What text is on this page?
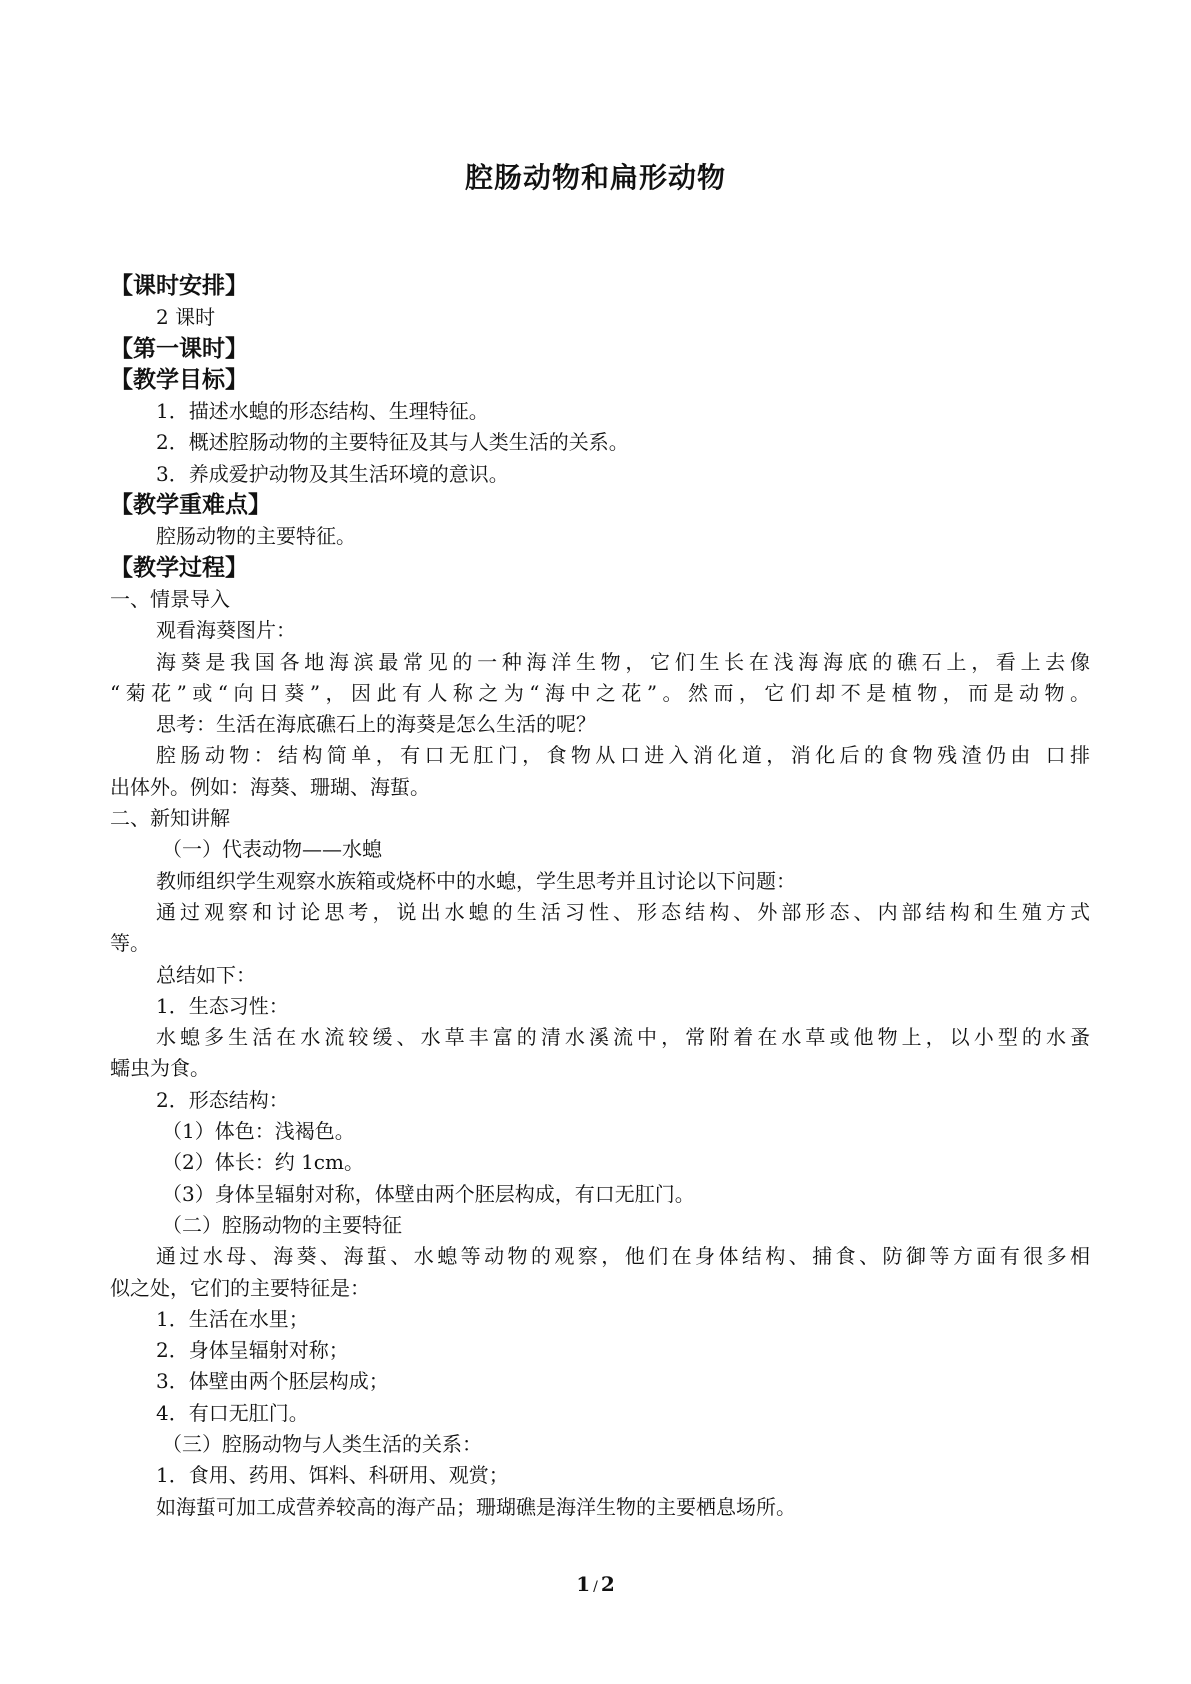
腔肠动物和扁形动物
【课时安排】
2 课时
【第一课时】
【教学目标】
1．描述水螅的形态结构、生理特征。
2．概述腔肠动物的主要特征及其与人类生活的关系。
3．养成爱护动物及其生活环境的意识。
【教学重难点】
腔肠动物的主要特征。
【教学过程】
一、情景导入
观看海葵图片：
海葵是我国各地海滨最常见的一种海洋生物，它们生长在浅海海底的礁石上，看上去像
“菊花”或“向日葵”，因此有人称之为“海中之花”。然而，它们却不是植物，而是动物。
思考：生活在海底礁石上的海葵是怎么生活的呢？
腔肠动物：结构简单，有口无肛门，食物从口进入消化道，消化后的食物残渣仍由 口排
出体外。例如：海葵、珊瑚、海蜇。
二、新知讲解
（一）代表动物——水螅
教师组织学生观察水族箱或烧杯中的水螅，学生思考并且讨论以下问题：
通过观察和讨论思考，说出水螅的生活习性、形态结构、外部形态、内部结构和生殖方式
等。
总结如下：
1．生态习性：
水螅多生活在水流较缓、水草丰富的清水溪流中，常附着在水草或他物上，以小型的水蚤
蠕虫为食。
2．形态结构：
（1）体色：浅褐色。
（2）体长：约 1cm。
（3）身体呈辐射对称，体壁由两个胚层构成，有口无肛门。
（二）腔肠动物的主要特征
通过水母、海葵、海蜇、水螅等动物的观察，他们在身体结构、捕食、防御等方面有很多相
似之处，它们的主要特征是：
1．生活在水里；
2．身体呈辐射对称；
3．体壁由两个胚层构成；
4．有口无肛门。
（三）腔肠动物与人类生活的关系：
1．食用、药用、饵料、科研用、观赏；
如海蜇可加工成营养较高的海产品；珊瑚礁是海洋生物的主要栖息场所。
1 / 2
